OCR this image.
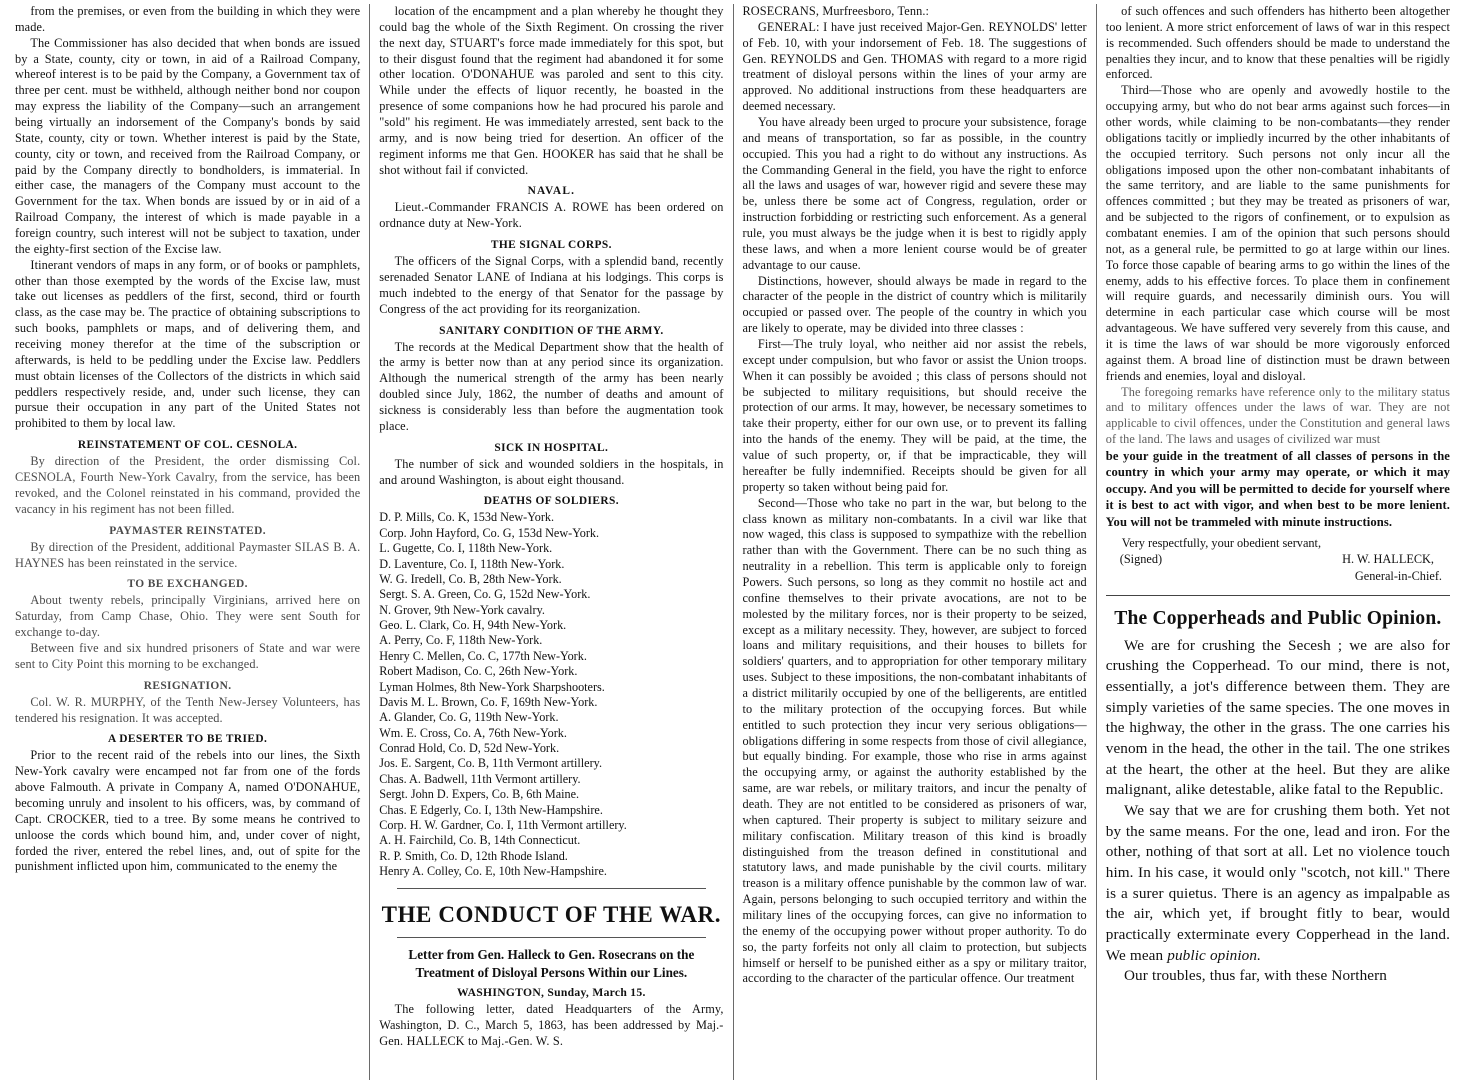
from the premises, or even from the building in which they were made.

The Commissioner has also decided that when bonds are issued by a State, county, city or town, in aid of a Railroad Company, whereof interest is to be paid by the Company, a Government tax of three per cent. must be withheld, although neither bond nor coupon may express the liability of the Company—such an arrangement being virtually an indorsement of the Company's bonds by said State, county, city or town. Whether interest is paid by the State, county, city or town, and received from the Railroad Company, or paid by the Company directly to bondholders, is immaterial. In either case, the managers of the Company must account to the Government for the tax. When bonds are issued by or in aid of a Railroad Company, the interest of which is made payable in a foreign country, such interest will not be subject to taxation, under the eighty-first section of the Excise law.

Itinerant vendors of maps in any form, or of books or pamphlets, other than those exempted by the words of the Excise law, must take out licenses as peddlers of the first, second, third or fourth class, as the case may be. The practice of obtaining subscriptions to such books, pamphlets or maps, and of delivering them, and receiving money therefor at the time of the subscription or afterwards, is held to be peddling under the Excise law. Peddlers must obtain licenses of the Collectors of the districts in which said peddlers respectively reside, and, under such license, they can pursue their occupation in any part of the United States not prohibited to them by local law.

REINSTATEMENT OF COL. CESNOLA.

By direction of the President, the order dismissing Col. CESNOLA, Fourth New-York Cavalry, from the service, has been revoked, and the Colonel reinstated in his command, provided the vacancy in his regiment has not been filled.

PAYMASTER REINSTATED.

By direction of the President, additional Paymaster SILAS B. A. HAYNES has been reinstated in the service.

TO BE EXCHANGED.

About twenty rebels, principally Virginians, arrived here on Saturday, from Camp Chase, Ohio. They were sent South for exchange to-day.

Between five and six hundred prisoners of State and war were sent to City Point this morning to be exchanged.

RESIGNATION.

Col. W. R. MURPHY, of the Tenth New-Jersey Volunteers, has tendered his resignation. It was accepted.

A DESERTER TO BE TRIED.

Prior to the recent raid of the rebels into our lines, the Sixth New-York cavalry were encamped not far from one of the fords above Falmouth. A private in Company A, named O'DONAHUE, becoming unruly and insolent to his officers, was, by command of Capt. CROCKER, tied to a tree. By some means he contrived to unloose the cords which bound him, and, under cover of night, forded the river, entered the rebel lines, and, out of spite for the punishment inflicted upon him, communicated to the enemy the

location of the encampment and a plan whereby he thought they could bag the whole of the Sixth Regiment. On crossing the river the next day, STUART's force made immediately for this spot, but to their disgust found that the regiment had abandoned it for some other location. O'DONAHUE was paroled and sent to this city. While under the effects of liquor recently, he boasted in the presence of some companions how he had procured his parole and "sold" his regiment. He was immediately arrested, sent back to the army, and is now being tried for desertion. An officer of the regiment informs me that Gen. HOOKER has said that he shall be shot without fail if convicted.

NAVAL.

Lieut.-Commander FRANCIS A. ROWE has been ordered on ordnance duty at New-York.

THE SIGNAL CORPS.

The officers of the Signal Corps, with a splendid band, recently serenaded Senator LANE of Indiana at his lodgings. This corps is much indebted to the energy of that Senator for the passage by Congress of the act providing for its reorganization.

SANITARY CONDITION OF THE ARMY.

The records at the Medical Department show that the health of the army is better now than at any period since its organization. Although the numerical strength of the army has been nearly doubled since July, 1862, the number of deaths and amount of sickness is considerably less than before the augmentation took place.

SICK IN HOSPITAL.

The number of sick and wounded soldiers in the hospitals, in and around Washington, is about eight thousand.

DEATHS OF SOLDIERS.
D. P. Mills, Co. K, 153d New-York.
Corp. John Hayford, Co. G, 153d New-York.
L. Gugette, Co. I, 118th New-York.
D. Laventure, Co. I, 118th New-York.
W. G. Iredell, Co. B, 28th New-York.
Sergt. S. A. Green, Co. G, 152d New-York.
N. Grover, 9th New-York cavalry.
Geo. L. Clark, Co. H, 94th New-York.
A. Perry, Co. F, 118th New-York.
Henry C. Mellen, Co. C, 177th New-York.
Robert Madison, Co. C, 26th New-York.
Lyman Holmes, 8th New-York Sharpshooters.
Davis M. L. Brown, Co. F, 169th New-York.
A. Glander, Co. G, 119th New-York.
Wm. E. Cross, Co. A, 76th New-York.
Conrad Hold, Co. D, 52d New-York.
Jos. E. Sargent, Co. B, 11th Vermont artillery.
Chas. A. Badwell, 11th Vermont artillery.
Sergt. John D. Expers, Co. B, 6th Maine.
Chas. E Edgerly, Co. I, 13th New-Hampshire.
Corp. H. W. Gardner, Co. I, 11th Vermont artillery.
A. H. Fairchild, Co. B, 14th Connecticut.
R. P. Smith, Co. D, 12th Rhode Island.
Henry A. Colley, Co. E, 10th New-Hampshire.
THE CONDUCT OF THE WAR.
Letter from Gen. Halleck to Gen. Rosecrans on the Treatment of Disloyal Persons Within our Lines.
WASHINGTON, Sunday, March 15.

The following letter, dated Headquarters of the Army, Washington, D. C., March 5, 1863, has been addressed by Maj.-Gen. HALLECK to Maj.-Gen. W. S.

ROSECRANS, Murfreesboro, Tenn.:

GENERAL: I have just received Major-Gen. REYNOLDS' letter of Feb. 10, with your indorsement of Feb. 18. The suggestions of Gen. REYNOLDS and Gen. THOMAS with regard to a more rigid treatment of disloyal persons within the lines of your army are approved. No additional instructions from these headquarters are deemed necessary.

You have already been urged to procure your subsistence, forage and means of transportation, so far as possible, in the country occupied. This you had a right to do without any instructions. As the Commanding General in the field, you have the right to enforce all the laws and usages of war, however rigid and severe these may be, unless there be some act of Congress, regulation, order or instruction forbidding or restricting such enforcement. As a general rule, you must always be the judge when it is best to rigidly apply these laws, and when a more lenient course would be of greater advantage to our cause.

Distinctions, however, should always be made in regard to the character of the people in the district of country which is militarily occupied or passed over. The people of the country in which you are likely to operate, may be divided into three classes :

First—The truly loyal, who neither aid nor assist the rebels, except under compulsion, but who favor or assist the Union troops. When it can possibly be avoided ; this class of persons should not be subjected to military requisitions, but should receive the protection of our arms. It may, however, be necessary sometimes to take their property, either for our own use, or to prevent its falling into the hands of the enemy. They will be paid, at the time, the value of such property, or, if that be impracticable, they will hereafter be fully indemnified. Receipts should be given for all property so taken without being paid for.

Second—Those who take no part in the war, but belong to the class known as military non-combatants. In a civil war like that now waged, this class is supposed to sympathize with the rebellion rather than with the Government. There can be no such thing as neutrality in a rebellion. This term is applicable only to foreign Powers. Such persons, so long as they commit no hostile act and confine themselves to their private avocations, are not to be molested by the military forces, nor is their property to be seized, except as a military necessity. They, however, are subject to forced loans and military requisitions, and their houses to billets for soldiers' quarters, and to appropriation for other temporary military uses. Subject to these impositions, the non-combatant inhabitants of a district militarily occupied by one of the belligerents, are entitled to the military protection of the occupying forces. But while entitled to such protection they incur very serious obligations—obligations differing in some respects from those of civil allegiance, but equally binding. For example, those who rise in arms against the occupying army, or against the authority established by the same, are war rebels, or military traitors, and incur the penalty of death. They are not entitled to be considered as prisoners of war, when captured. Their property is subject to military seizure and military confiscation. Military treason of this kind is broadly distinguished from the treason defined in constitutional and statutory laws, and made punishable by the civil courts. military treason is a military offence punishable by the common law of war. Again, persons belonging to such occupied territory and within the military lines of the occupying forces, can give no information to the enemy of the occupying power without proper authority. To do so, the party forfeits not only all claim to protection, but subjects himself or herself to be punished either as a spy or military traitor, according to the character of the particular offence. Our treatment

of such offences and such offenders has hitherto been altogether too lenient. A more strict enforcement of laws of war in this respect is recommended. Such offenders should be made to understand the penalties they incur, and to know that these penalties will be rigidly enforced.

Third—Those who are openly and avowedly hostile to the occupying army, but who do not bear arms against such forces—in other words, while claiming to be non-combatants—they render obligations tacitly or impliedly incurred by the other inhabitants of the occupied territory. Such persons not only incur all the obligations imposed upon the other non-combatant inhabitants of the same territory, and are liable to the same punishments for offences committed ; but they may be treated as prisoners of war, and be subjected to the rigors of confinement, or to expulsion as combatant enemies. I am of the opinion that such persons should not, as a general rule, be permitted to go at large within our lines. To force those capable of bearing arms to go within the lines of the enemy, adds to his effective forces. To place them in confinement will require guards, and necessarily diminish ours. You will determine in each particular case which course will be most advantageous. We have suffered very severely from this cause, and it is time the laws of war should be more vigorously enforced against them. A broad line of distinction must be drawn between friends and enemies, loyal and disloyal.

The foregoing remarks have reference only to the military status and to military offences under the laws of war. They are not applicable to civil offences, under the Constitution and general laws of the land. The laws and usages of civilized war must

be your guide in the treatment of all classes of persons in the country in which your army may operate, or which it may occupy. And you will be permitted to decide for yourself where it is best to act with vigor, and when best to be more lenient. You will not be trammeled with minute instructions.

Very respectfully, your obedient servant,
(Signed)	H. W. HALLECK,
General-in-Chief.
The Copperheads and Public Opinion.

We are for crushing the Secesh ; we are also for crushing the Copperhead. To our mind, there is not, essentially, a jot's difference between them. They are simply varieties of the same species. The one moves in the highway, the other in the grass. The one carries his venom in the head, the other in the tail. The one strikes at the heart, the other at the heel. But they are alike malignant, alike detestable, alike fatal to the Republic.

We say that we are for crushing them both. Yet not by the same means. For the one, lead and iron. For the other, nothing of that sort at all. Let no violence touch him. In his case, it would only "scotch, not kill." There is a surer quietus. There is an agency as impalpable as the air, which yet, if brought fitly to bear, would practically exterminate every Copperhead in the land. We mean public opinion.

Our troubles, thus far, with these Northern
